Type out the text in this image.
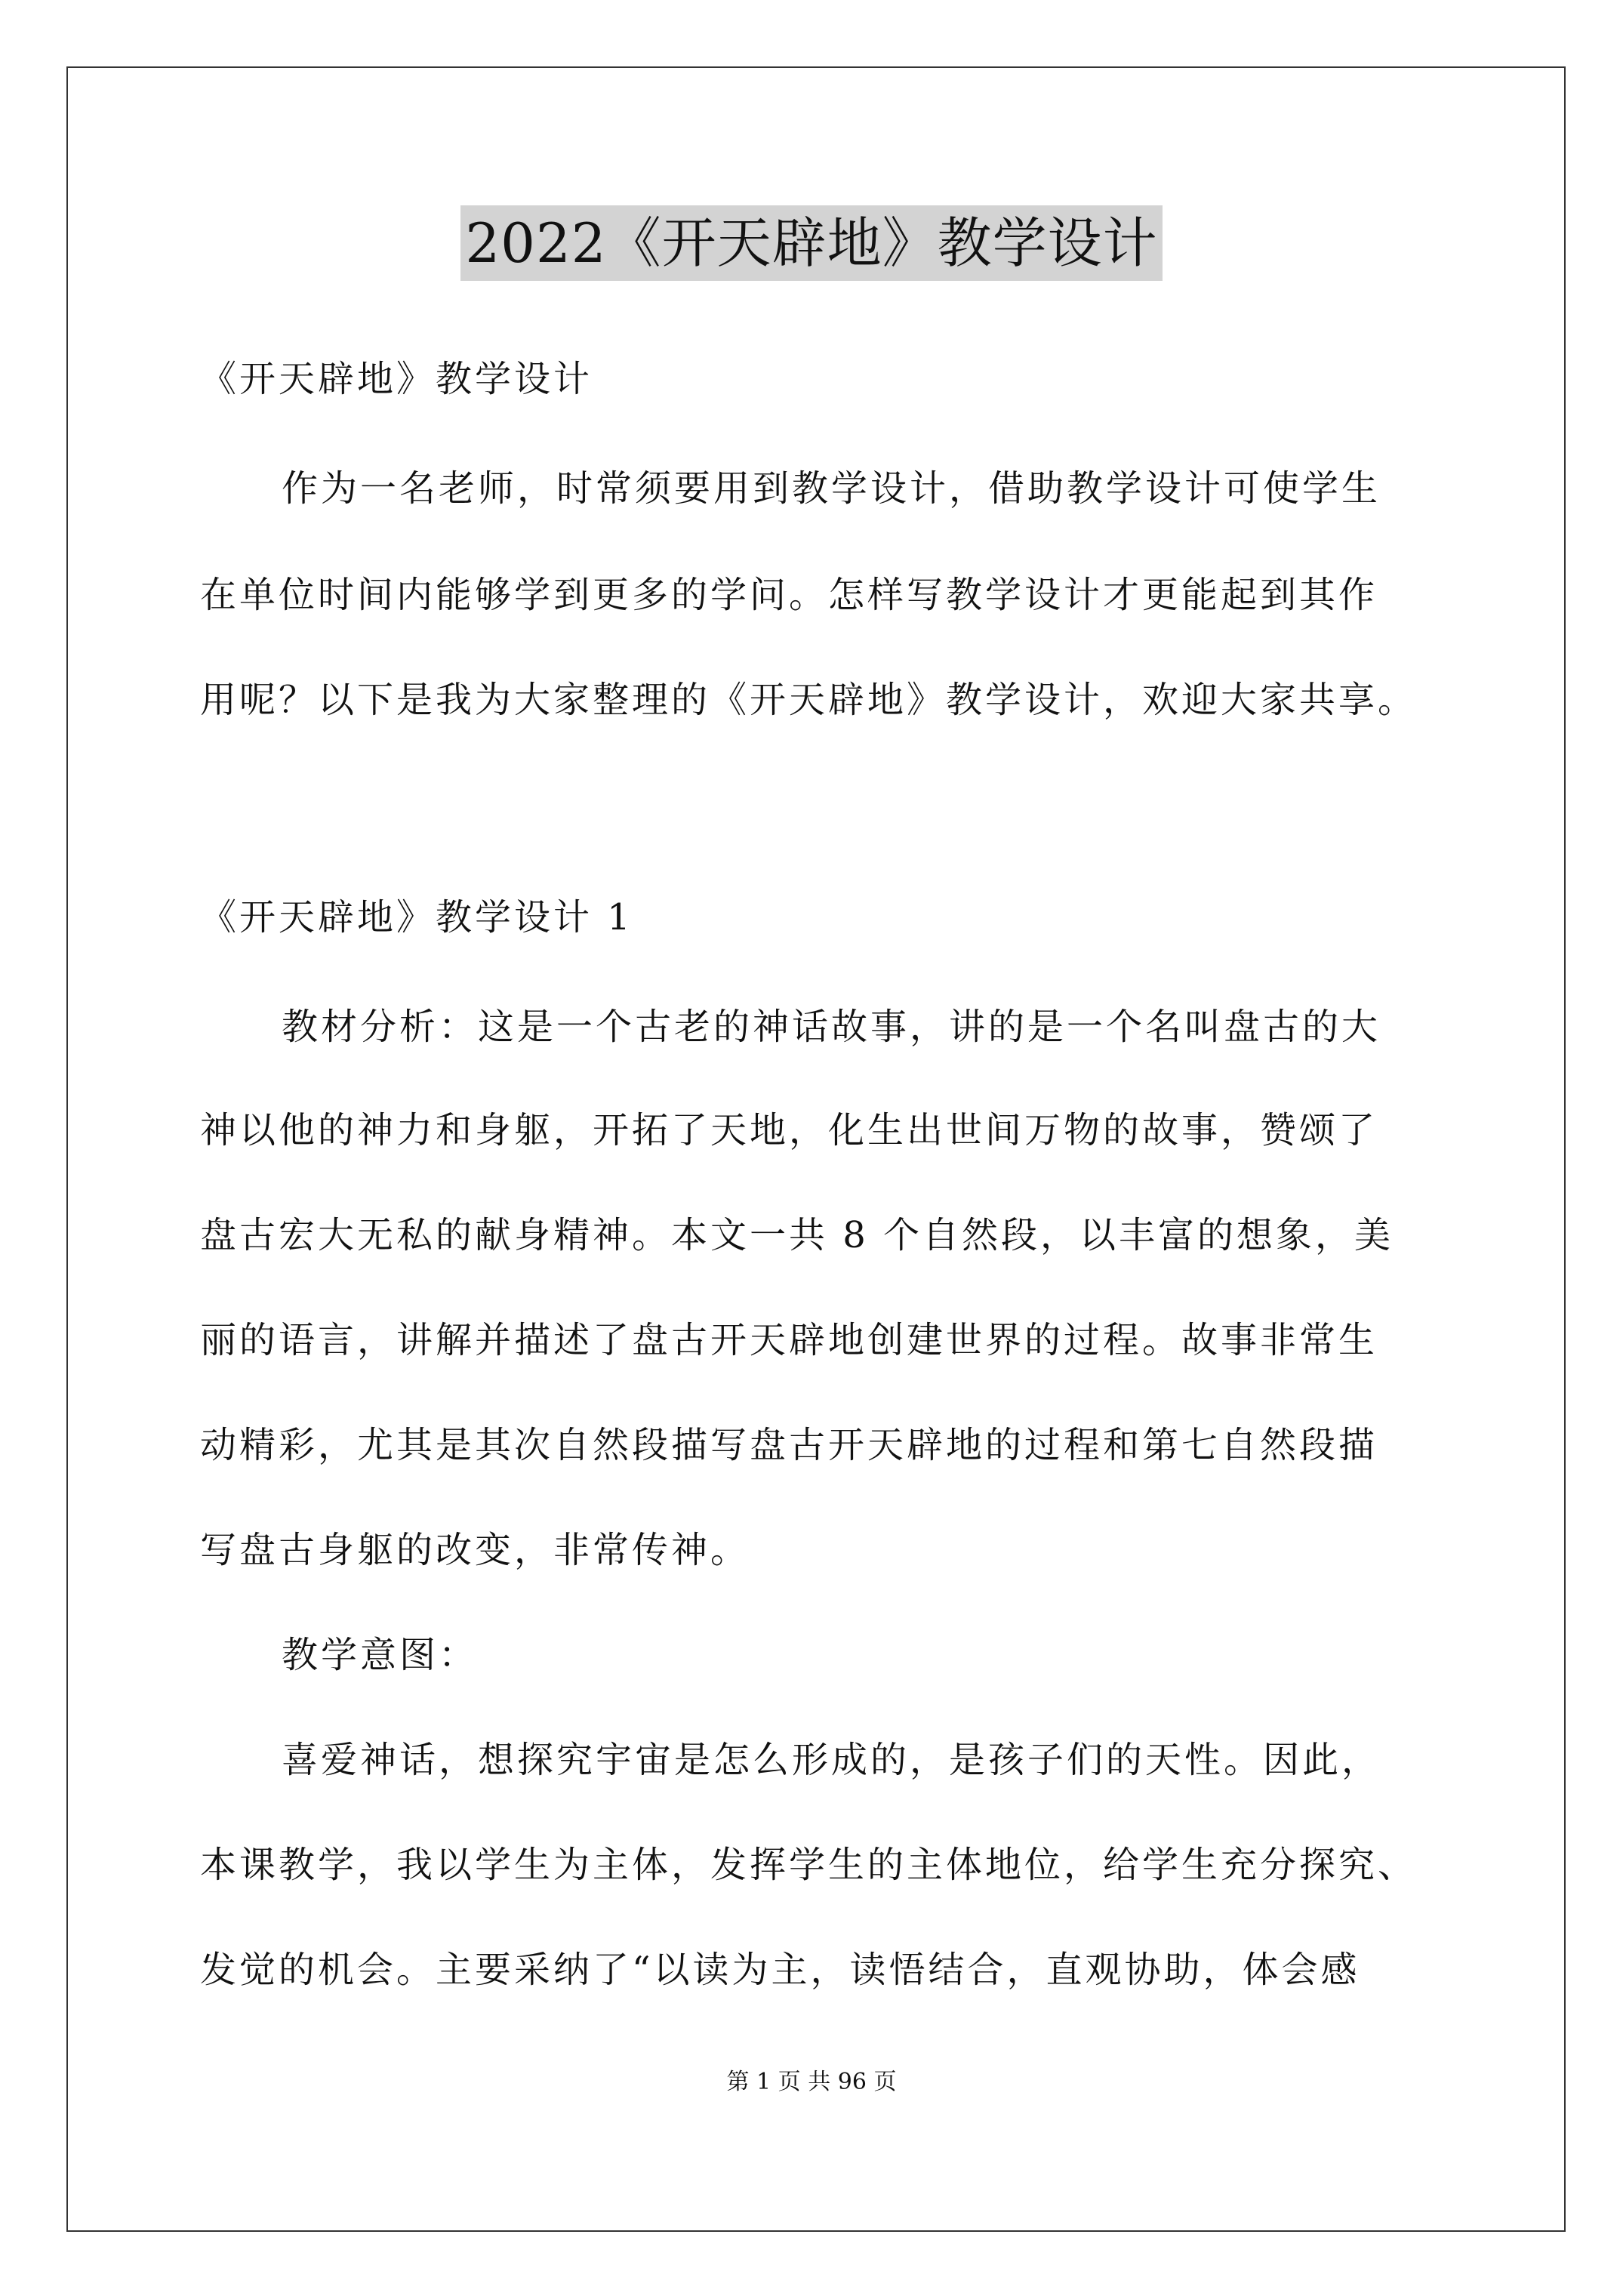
2022《开天辟地》教学设计
《开天辟地》教学设计
作为一名老师，时常须要用到教学设计，借助教学设计可使学生
在单位时间内能够学到更多的学问。怎样写教学设计才更能起到其作
用呢？以下是我为大家整理的《开天辟地》教学设计，欢迎大家共享。
《开天辟地》教学设计 1
教材分析：这是一个古老的神话故事，讲的是一个名叫盘古的大
神以他的神力和身躯，开拓了天地，化生出世间万物的故事，赞颂了
盘古宏大无私的献身精神。本文一共 8 个自然段，以丰富的想象，美
丽的语言，讲解并描述了盘古开天辟地创建世界的过程。故事非常生
动精彩，尤其是其次自然段描写盘古开天辟地的过程和第七自然段描
写盘古身躯的改变，非常传神。
教学意图：
喜爱神话，想探究宇宙是怎么形成的，是孩子们的天性。因此，
本课教学，我以学生为主体，发挥学生的主体地位，给学生充分探究、
发觉的机会。主要采纳了“以读为主，读悟结合，直观协助，体会感
第 1 页 共 96 页
